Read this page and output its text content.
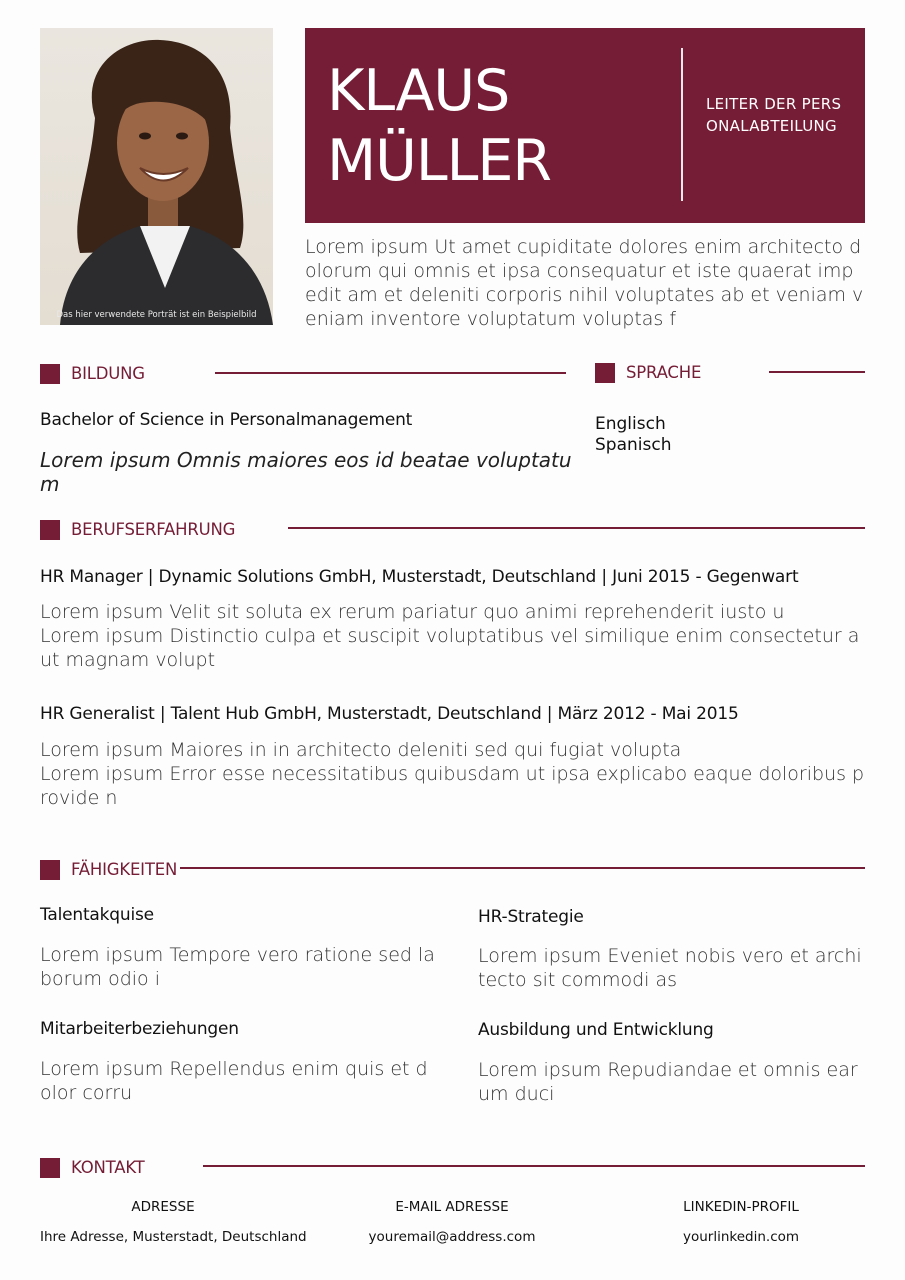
Das hier verwendete Porträt ist ein Beispielbild
KLAUS
MÜLLER
LEITER DER PERSONALABTEILUNG
Lorem ipsum Ut amet cupiditate dolores enim architecto dolorum qui omnis et ipsa consequatur et iste quaerat impedit am et deleniti corporis nihil voluptates ab et veniam veniam inventore voluptatum voluptas f
BILDUNG
Bachelor of Science in Personalmanagement
Lorem ipsum Omnis maiores eos id beatae voluptatum
SPRACHE
Englisch
Spanisch
BERUFSERFAHRUNG
HR Manager | Dynamic Solutions GmbH, Musterstadt, Deutschland | Juni 2015 - Gegenwart
Lorem ipsum Velit sit soluta ex rerum pariatur quo animi reprehenderit iusto u
Lorem ipsum Distinctio culpa et suscipit voluptatibus vel similique enim consectetur aut magnam volupt
HR Generalist | Talent Hub GmbH, Musterstadt, Deutschland | März 2012 - Mai 2015
Lorem ipsum Maiores in in architecto deleniti sed qui fugiat volupta
Lorem ipsum Error esse necessitatibus quibusdam ut ipsa explicabo eaque doloribus provide n
FÄHIGKEITEN
Talentakquise
Lorem ipsum Tempore vero ratione sed laborum odio i
HR-Strategie
Lorem ipsum Eveniet nobis vero et architecto sit commodi as
Mitarbeiterbeziehungen
Lorem ipsum Repellendus enim quis et dolor corru
Ausbildung und Entwicklung
Lorem ipsum Repudiandae et omnis earum duci
KONTAKT
ADRESSE
Ihre Adresse, Musterstadt, Deutschland
E-MAIL ADRESSE
youremail@address.com
LINKEDIN-PROFIL
yourlinkedin.com
